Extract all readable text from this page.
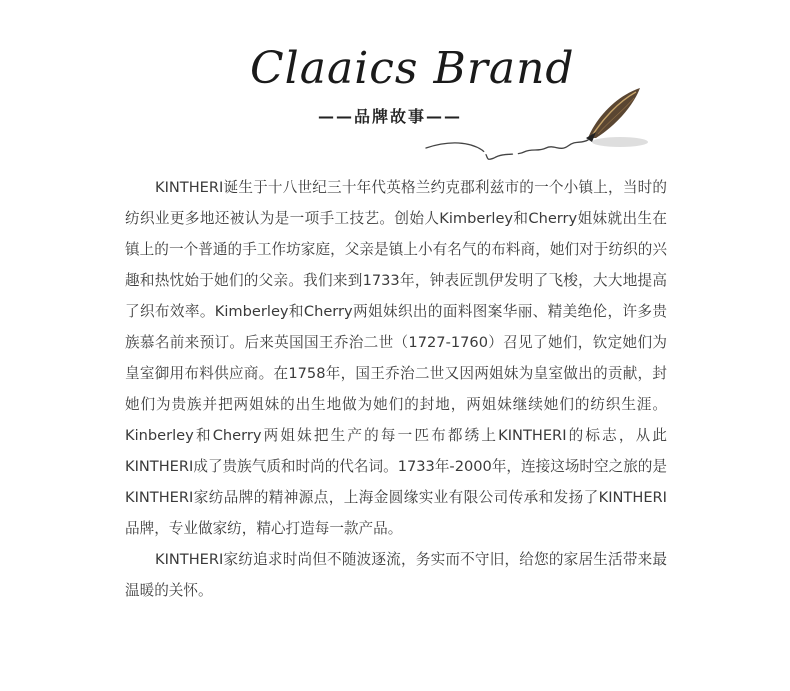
Claaics Brand
——品牌故事——

KINTHERI诞生于十八世纪三十年代英格兰约克郡利兹市的一个小镇上，当时的纺织业更多地还被认为是一项手工技艺。创始人Kimberley和Cherry姐妹就出生在镇上的一个普通的手工作坊家庭，父亲是镇上小有名气的布料商，她们对于纺织的兴趣和热忱始于她们的父亲。我们来到1733年，钟表匠凯伊发明了飞梭，大大地提高了织布效率。Kimberley和Cherry两姐妹织出的面料图案华丽、精美绝伦，许多贵族慕名前来预订。后来英国国王乔治二世（1727-1760）召见了她们，钦定她们为皇室御用布料供应商。在1758年，国王乔治二世又因两姐妹为皇室做出的贡献，封她们为贵族并把两姐妹的出生地做为她们的封地，两姐妹继续她们的纺织生涯。Kinberley和Cherry两姐妹把生产的每一匹布都绣上KINTHERI的标志，从此KINTHERI成了贵族气质和时尚的代名词。1733年-2000年，连接这场时空之旅的是KINTHERI家纺品牌的精神源点，上海金圆缘实业有限公司传承和发扬了KINTHERI品牌，专业做家纺，精心打造每一款产品。

KINTHERI家纺追求时尚但不随波逐流，务实而不守旧，给您的家居生活带来最温暖的关怀。
